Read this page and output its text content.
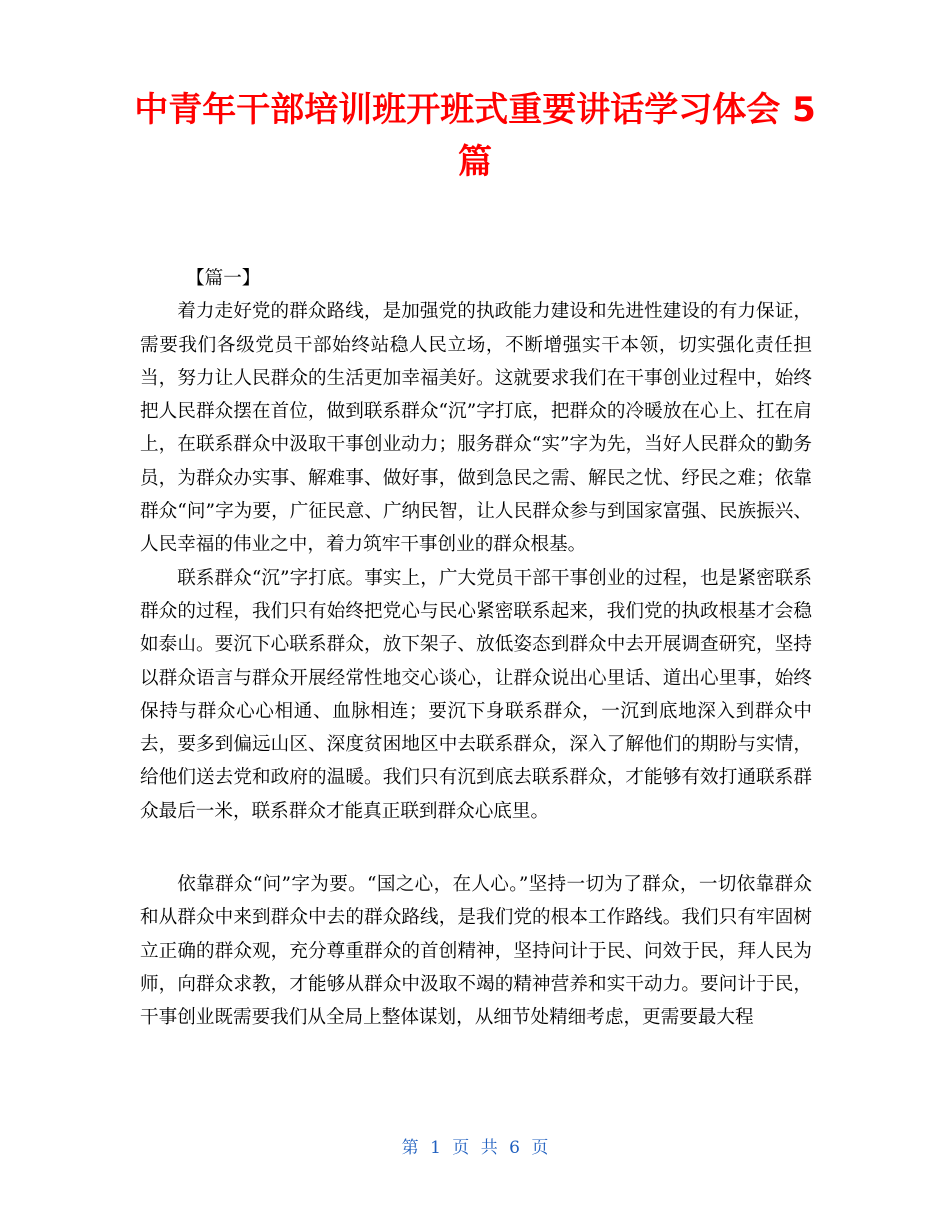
中青年干部培训班开班式重要讲话学习体会 5 篇

【篇一】

着力走好党的群众路线，是加强党的执政能力建设和先进性建设的有力保证，需要我们各级党员干部始终站稳人民立场，不断增强实干本领，切实强化责任担当，努力让人民群众的生活更加幸福美好。这就要求我们在干事创业过程中，始终把人民群众摆在首位，做到联系群众“沉”字打底，把群众的冷暖放在心上、扛在肩上，在联系群众中汲取干事创业动力；服务群众“实”字为先，当好人民群众的勤务员，为群众办实事、解难事、做好事，做到急民之需、解民之忧、纾民之难；依靠群众“问”字为要，广征民意、广纳民智，让人民群众参与到国家富强、民族振兴、人民幸福的伟业之中，着力筑牢干事创业的群众根基。

联系群众“沉”字打底。事实上，广大党员干部干事创业的过程，也是紧密联系群众的过程，我们只有始终把党心与民心紧密联系起来，我们党的执政根基才会稳如泰山。要沉下心联系群众，放下架子、放低姿态到群众中去开展调查研究，坚持以群众语言与群众开展经常性地交心谈心，让群众说出心里话、道出心里事，始终保持与群众心心相通、血脉相连；要沉下身联系群众，一沉到底地深入到群众中去，要多到偏远山区、深度贫困地区中去联系群众，深入了解他们的期盼与实情，给他们送去党和政府的温暖。我们只有沉到底去联系群众，才能够有效打通联系群众最后一米，联系群众才能真正联到群众心底里。

依靠群众“问”字为要。“国之心，在人心。”坚持一切为了群众，一切依靠群众和从群众中来到群众中去的群众路线，是我们党的根本工作路线。我们只有牢固树立正确的群众观，充分尊重群众的首创精神，坚持问计于民、问效于民，拜人民为师，向群众求教，才能够从群众中汲取不竭的精神营养和实干动力。要问计于民，干事创业既需要我们从全局上整体谋划，从细节处精细考虑，更需要最大程

第 1 页 共 6 页
